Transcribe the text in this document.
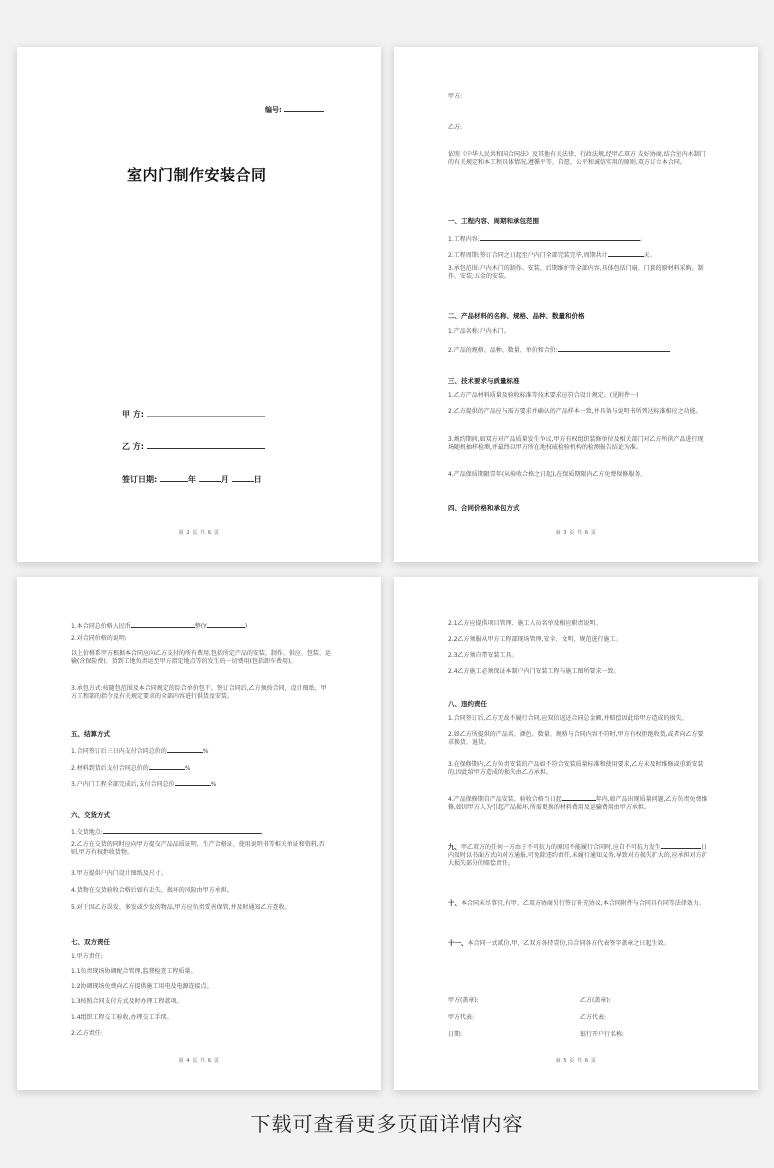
编号:
室内门制作安装合同
甲 方:
乙 方:
签订日期:	年	月	日
第 2 页 共 6 页
甲方:
乙方:
依照《中华人民共和国合同法》及其他有关法律、行政法规,经甲乙双方 友好协商,结合室内木制门的有关规定和本工程具体情况,遵循平等、自愿、公平和诚信实用的原则,双方订立本合同。
一、工程内容、周期和承包范围
1.工程内容:	。
2.工程周期:签订合同之日起至户内门全部完装完毕,周期共计	天。
3.承包范围:户内木门的制作、安装、后期维护等全部内容,具体包括门扇、门套的原材料采购、制作、安装;五金的安装。
二、产品材料的名称、规格、品种、数量和价格
1.产品名称:户内木门。
2.产品的规格、品种、数量、单价和合价:
三、技术要求与质量标准
1.乙方产品材料质量及验收标准等技术要求应符合设计规定。(见附件一)
2.乙方提供的产品应与需方要求并确认的产品样本一致,并具备与说明书所列达标准相应之功能。
3.规约期间,如双方对产品质量发生争议,甲方有权组织装修单位及相关部门对乙方所供产品进行现场随机抽样检测,并最终以甲方所在地权威检验机构的检测报告结论为准。
4.产品保质期限壹年(从验收合格之日起),在保质期限内乙方免费保修服务。
四、合同价格和承包方式
第 3 页 共 6 页
1.本合同总价格人民币	整(Y	)
2.对合同价格的说明:
以上价格系甲方根据本合同应向乙方支付的所有费用,包括所定产品的安装、制作、供应、包装、运输(含保险费)、货到工地负责运至甲方指定地点等的发生的一切费用(包括卸车费用)。
3.承包方式:按随包范围及本合同规定的综合单价包干。签订合同后,乙方须按合同、设计图纸、甲方工程部的指令及有关规定要求的全部内容进行供货及安装。
五、结算方式
1.合同签订后三日内支付合同总价的	%
2.材料到货后支付合同总价的	%
3.户内门工程全部完成后,支付合同总价	%
六、交货方式
1.交货地点:	。
2.乙方在交货的同时应向甲方提交产品品质证明、生产合格证、使用说明书等相关单证和资料,否则,甲方有权拒收货物。
3.甲方提供户内门设计图纸及尺寸。
4.货物在交货验收合格后如有丢失、损坏的风险由甲方承担。
5.对于因乙方误发、多发或少发的物品,甲方应负责妥善保管,并及时通知乙方查收。
七、双方责任
1.甲方责任:
1.1负责现场协调配合管理,监督检查工程质量。
1.2协调现场免费向乙方提供施工用电及电源连接点。
1.3按照合同支付方式及时办理工程款项。
1.4组织工程交工验收,办理交工手续。
2.乙方责任:
第 4 页 共 6 页
2.1乙方应提供项目管理、施工人员名单及相应职责说明。
2.2乙方须服从甲方工程部现场管理,安全、文明、规范进行施工。
2.3乙方须自带安装工具。
2.4乙方施工必须保证本制户内门安装工程与施工图所要求一致。
八、违约责任
1.合同签订后,乙方无故不履行合同,应双倍返还合同总金额,并赔偿因此给甲方造成的损失。
2.如乙方所提供的产品名、颜色、数量、规格与合同内容不符时,甲方有权拒绝收货,或者向乙方要求换货、退货。
3.在保修期内,乙方负责安装的产品如不符合安装质量标准和使用要求,乙方未及时维修或重新安装的,因此给甲方造成的损失由乙方承担。
4.产品保修期自产品安装、验收合格当日起	年内,如产品出现质量问题,乙方负责免费维修,如因甲方人为引起产品损坏,所需更换的材料费用及运输费用由甲方承担。
九、甲乙双方的任何一方由于不可抗力的原因不能履行合同时,应自不可抗力发生	日内及时以书面方式向对方通报,可免除违约责任,未履行通知义务,导致对方损失扩大的,应承担对方扩大损失部分的赔偿责任。
十、本合同未尽事宜,有甲、乙双方协商另行签订补充协议,本合同附件与合同具有同等法律效力。
十一、本合同一式贰份,甲、乙双方各持壹份,自合同各方代表签字盖章之日起生效。
甲方(盖章):	乙方(盖章):
甲方代表:	乙方代表:
日期:	银行开户行名称:
第 5 页 共 6 页
下载可查看更多页面详情内容
